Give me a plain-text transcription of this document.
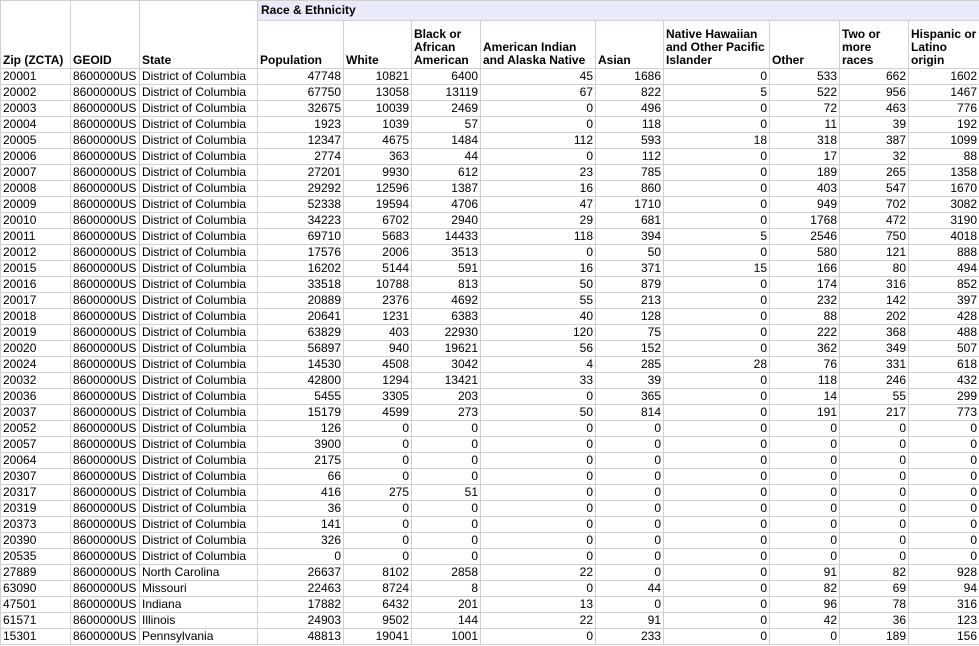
			Race & Ethnicity								
Zip (ZCTA)	GEOID	State	Population	White	Black or African American	American Indian and Alaska Native	Asian	Native Hawaiian and Other Pacific Islander	Other	Two or more races	Hispanic or Latino origin
20001	8600000US	District of Columbia	47748	10821	6400	45	1686	0	533	662	1602
20002	8600000US	District of Columbia	67750	13058	13119	67	822	5	522	956	1467
20003	8600000US	District of Columbia	32675	10039	2469	0	496	0	72	463	776
20004	8600000US	District of Columbia	1923	1039	57	0	118	0	11	39	192
20005	8600000US	District of Columbia	12347	4675	1484	112	593	18	318	387	1099
20006	8600000US	District of Columbia	2774	363	44	0	112	0	17	32	88
20007	8600000US	District of Columbia	27201	9930	612	23	785	0	189	265	1358
20008	8600000US	District of Columbia	29292	12596	1387	16	860	0	403	547	1670
20009	8600000US	District of Columbia	52338	19594	4706	47	1710	0	949	702	3082
20010	8600000US	District of Columbia	34223	6702	2940	29	681	0	1768	472	3190
20011	8600000US	District of Columbia	69710	5683	14433	118	394	5	2546	750	4018
20012	8600000US	District of Columbia	17576	2006	3513	0	50	0	580	121	888
20015	8600000US	District of Columbia	16202	5144	591	16	371	15	166	80	494
20016	8600000US	District of Columbia	33518	10788	813	50	879	0	174	316	852
20017	8600000US	District of Columbia	20889	2376	4692	55	213	0	232	142	397
20018	8600000US	District of Columbia	20641	1231	6383	40	128	0	88	202	428
20019	8600000US	District of Columbia	63829	403	22930	120	75	0	222	368	488
20020	8600000US	District of Columbia	56897	940	19621	56	152	0	362	349	507
20024	8600000US	District of Columbia	14530	4508	3042	4	285	28	76	331	618
20032	8600000US	District of Columbia	42800	1294	13421	33	39	0	118	246	432
20036	8600000US	District of Columbia	5455	3305	203	0	365	0	14	55	299
20037	8600000US	District of Columbia	15179	4599	273	50	814	0	191	217	773
20052	8600000US	District of Columbia	126	0	0	0	0	0	0	0	0
20057	8600000US	District of Columbia	3900	0	0	0	0	0	0	0	0
20064	8600000US	District of Columbia	2175	0	0	0	0	0	0	0	0
20307	8600000US	District of Columbia	66	0	0	0	0	0	0	0	0
20317	8600000US	District of Columbia	416	275	51	0	0	0	0	0	0
20319	8600000US	District of Columbia	36	0	0	0	0	0	0	0	0
20373	8600000US	District of Columbia	141	0	0	0	0	0	0	0	0
20390	8600000US	District of Columbia	326	0	0	0	0	0	0	0	0
20535	8600000US	District of Columbia	0	0	0	0	0	0	0	0	0
27889	8600000US	North Carolina	26637	8102	2858	22	0	0	91	82	928
63090	8600000US	Missouri	22463	8724	8	0	44	0	82	69	94
47501	8600000US	Indiana	17882	6432	201	13	0	0	96	78	316
61571	8600000US	Illinois	24903	9502	144	22	91	0	42	36	123
15301	8600000US	Pennsylvania	48813	19041	1001	0	233	0	0	189	156
